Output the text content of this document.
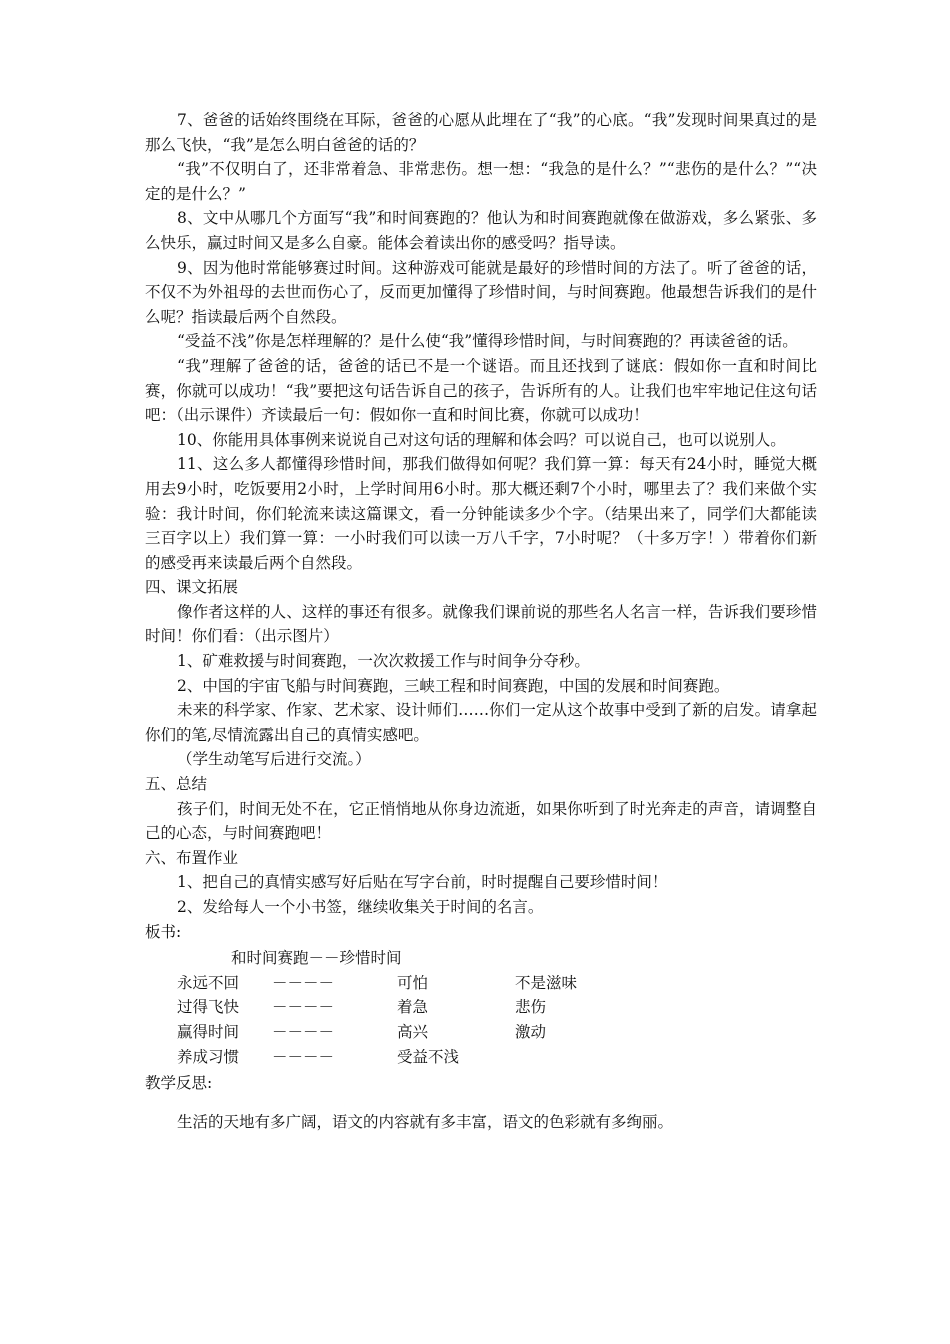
7、爸爸的话始终围绕在耳际，爸爸的心愿从此埋在了“我”的心底。“我”发现时间果真过的是那么飞快，“我”是怎么明白爸爸的话的？

“我”不仅明白了，还非常着急、非常悲伤。想一想：“我急的是什么？”“悲伤的是什么？”“决定的是什么？”

8、文中从哪几个方面写“我”和时间赛跑的？他认为和时间赛跑就像在做游戏，多么紧张、多么快乐，赢过时间又是多么自豪。能体会着读出你的感受吗？指导读。

9、因为他时常能够赛过时间。这种游戏可能就是最好的珍惜时间的方法了。听了爸爸的话，不仅不为外祖母的去世而伤心了，反而更加懂得了珍惜时间，与时间赛跑。他最想告诉我们的是什么呢？指读最后两个自然段。

“受益不浅”你是怎样理解的？是什么使“我”懂得珍惜时间，与时间赛跑的？再读爸爸的话。

“我”理解了爸爸的话，爸爸的话已不是一个谜语。而且还找到了谜底：假如你一直和时间比赛，你就可以成功！“我”要把这句话告诉自己的孩子，告诉所有的人。让我们也牢牢地记住这句话吧：（出示课件）齐读最后一句：假如你一直和时间比赛，你就可以成功！

10、你能用具体事例来说说自己对这句话的理解和体会吗？可以说自己，也可以说别人。

11、这么多人都懂得珍惜时间，那我们做得如何呢？我们算一算：每天有24小时，睡觉大概用去9小时，吃饭要用2小时，上学时间用6小时。那大概还剩7个小时，哪里去了？我们来做个实验：我计时间，你们轮流来读这篇课文，看一分钟能读多少个字。（结果出来了，同学们大都能读三百字以上）我们算一算：一小时我们可以读一万八千字，7小时呢？（十多万字！）带着你们新的感受再来读最后两个自然段。

四、课文拓展

像作者这样的人、这样的事还有很多。就像我们课前说的那些名人名言一样，告诉我们要珍惜时间！你们看：（出示图片）

1、矿难救援与时间赛跑，一次次救援工作与时间争分夺秒。

2、中国的宇宙飞船与时间赛跑，三峡工程和时间赛跑，中国的发展和时间赛跑。

未来的科学家、作家、艺术家、设计师们……你们一定从这个故事中受到了新的启发。请拿起你们的笔,尽情流露出自己的真情实感吧。

（学生动笔写后进行交流。）

五、总结

孩子们，时间无处不在，它正悄悄地从你身边流逝，如果你听到了时光奔走的声音，请调整自己的心态，与时间赛跑吧！

六、布置作业

1、把自己的真情实感写好后贴在写字台前，时时提醒自己要珍惜时间！

2、发给每人一个小书签，继续收集关于时间的名言。

板书:

和时间赛跑－－珍惜时间
永远不回	－－－－	可怕	不是滋味
过得飞快	－－－－	着急	悲伤
赢得时间	－－－－	高兴	激动
养成习惯	－－－－	受益不浅

教学反思:

生活的天地有多广阔，语文的内容就有多丰富，语文的色彩就有多绚丽。
